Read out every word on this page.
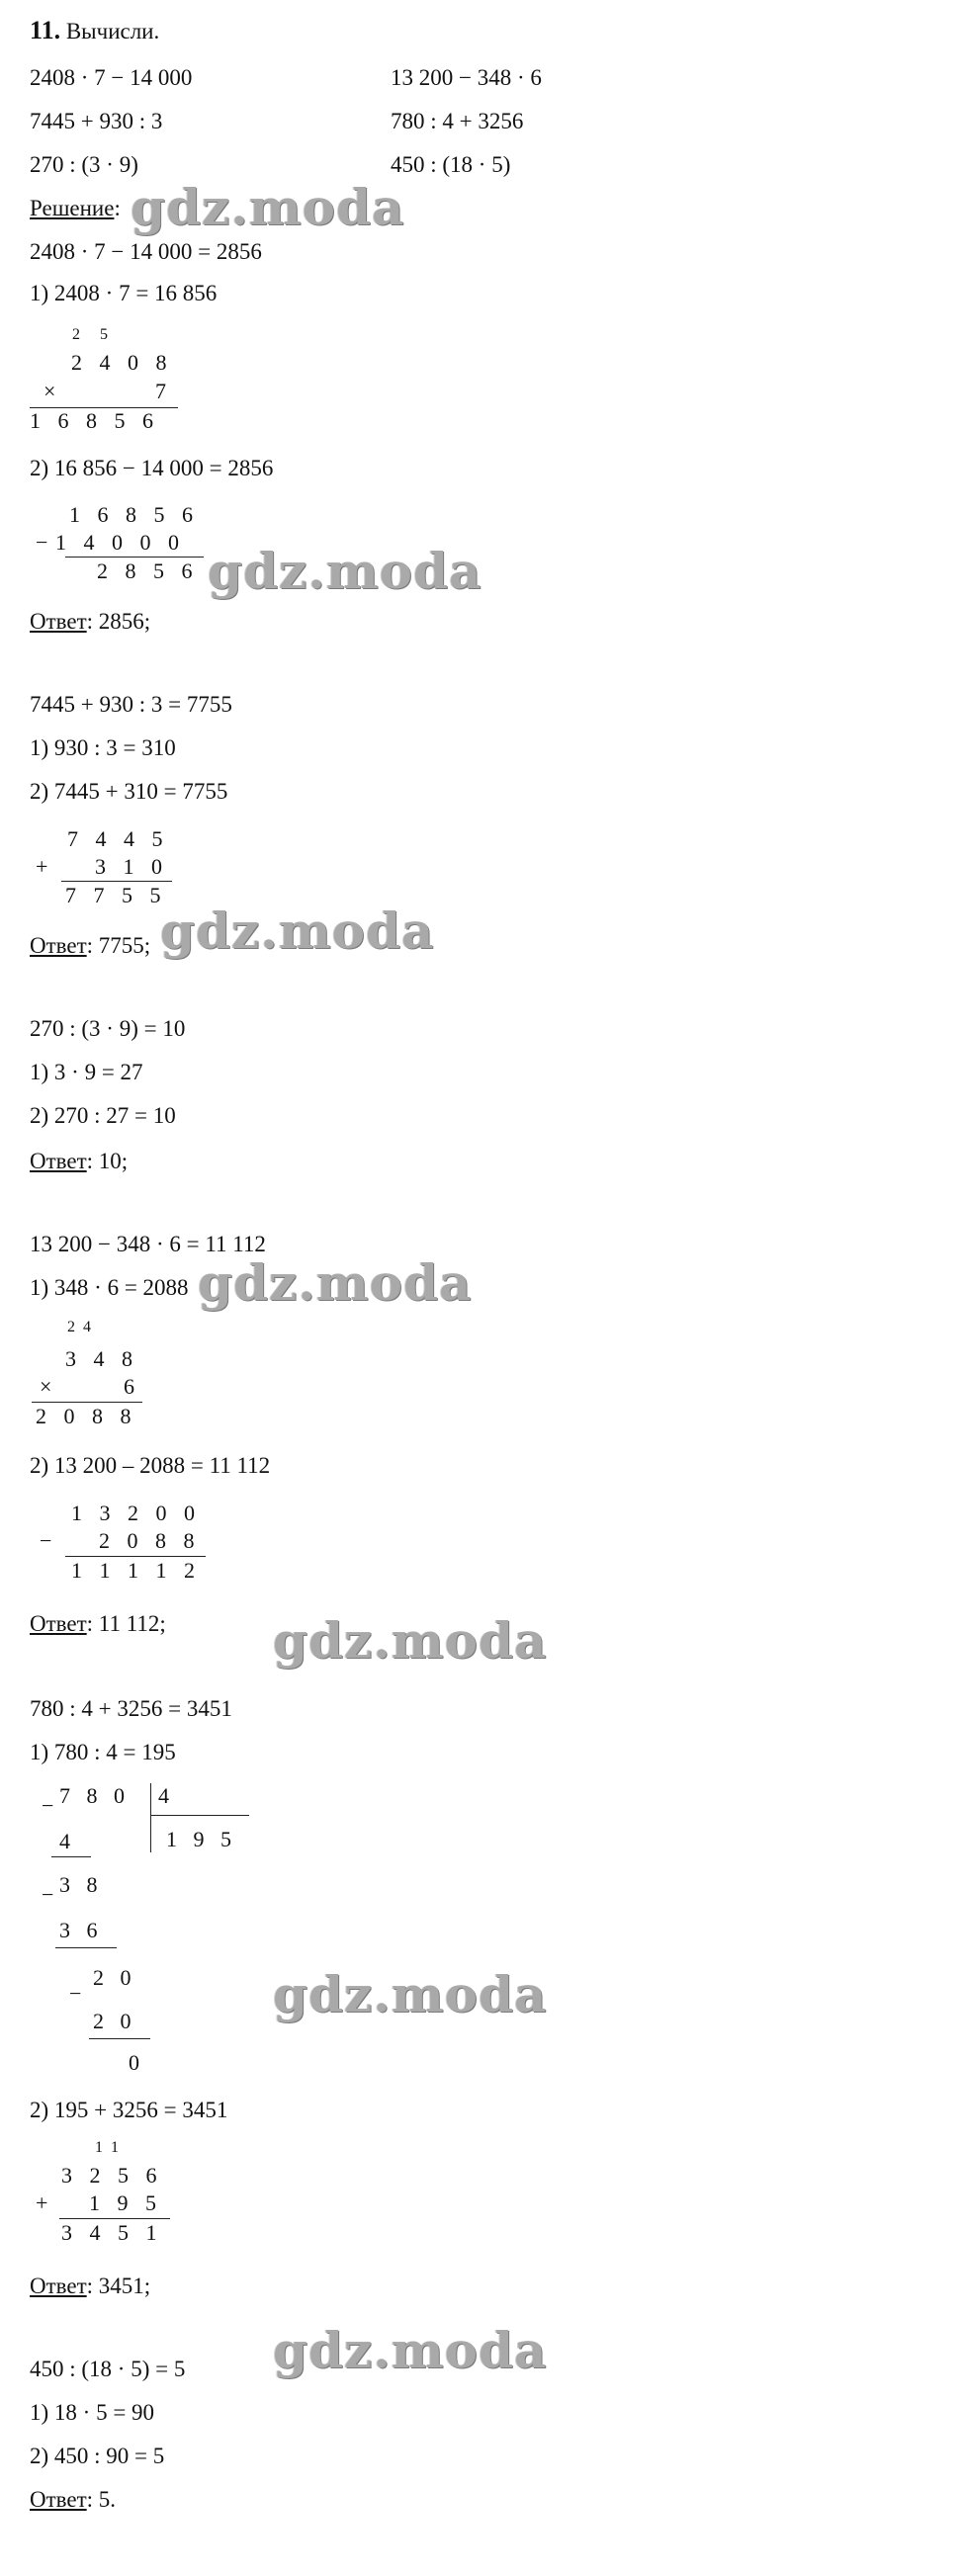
11. Вычисли.
2408 · 7 − 14 000
7445 + 930 : 3
270 : (3 · 9)
13 200 − 348 · 6
780 : 4 + 3256
450 : (18 · 5)
Решение:
2408 · 7 − 14 000 = 2856
1) 2408 · 7 = 16 856
2     5
2 4 0 8
×	7
1 6 8 5 6
2) 16 856 − 14 000 = 2856
1 6 8 5 6
− 1 4 0 0 0
2 8 5 6 gdz.moda
Ответ: 2856;
7445 + 930 : 3 = 7755
1) 930 : 3 = 310
2) 7445 + 310 = 7755
7 4 4 5
+ 3 1 0
7 7 5 5
gdz.moda
Ответ: 7755;
270 : (3 · 9) = 10
1) 3 · 9 = 27
2) 270 : 27 = 10
Ответ: 10;
13 200 − 348 · 6 = 11 112
1) 348 · 6 = 2088 gdz.moda
2  4
3 4 8
×	6
2 0 8 8
2) 13 200 – 2088 = 11 112
1 3 2 0 0
− 2 0 8 8
1 1 1 1 2
Ответ: 11 112; gdz.moda
780 : 4 + 3256 = 3451
1) 780 : 4 = 195
− 7   8   0 4
1   9   5
4
− 3   8
3   6
−
2   0
2   0
0
gdz.moda
2) 195 + 3256 = 3451
1  1
3 2 5 6
+ 1 9 5
3 4 5 1
Ответ: 3451;
gdz.moda
450 : (18 · 5) = 5
1) 18 · 5 = 90
2) 450 : 90 = 5
Ответ: 5.
gdz.moda
